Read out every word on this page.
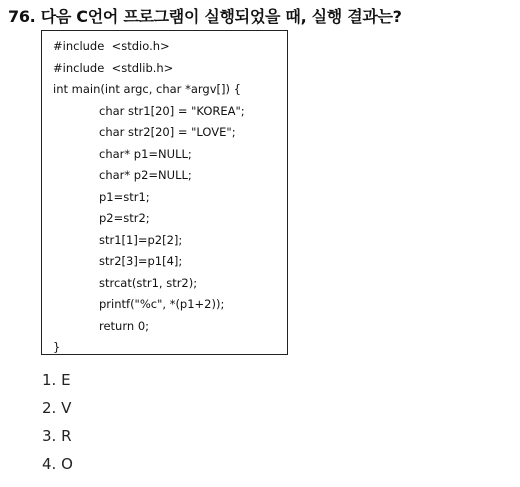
76. 다음 C언어 프로그램이 실행되었을 때, 실행 결과는?
#include  <stdio.h>
#include  <stdlib.h>
int main(int argc, char *argv[]) {
char str1[20] = "KOREA";
char str2[20] = "LOVE";
char* p1=NULL;
char* p2=NULL;
p1=str1;
p2=str2;
str1[1]=p2[2];
str2[3]=p1[4];
strcat(str1, str2);
printf("%c", *(p1+2));
return 0;
}
1. E
2. V
3. R
4. O
